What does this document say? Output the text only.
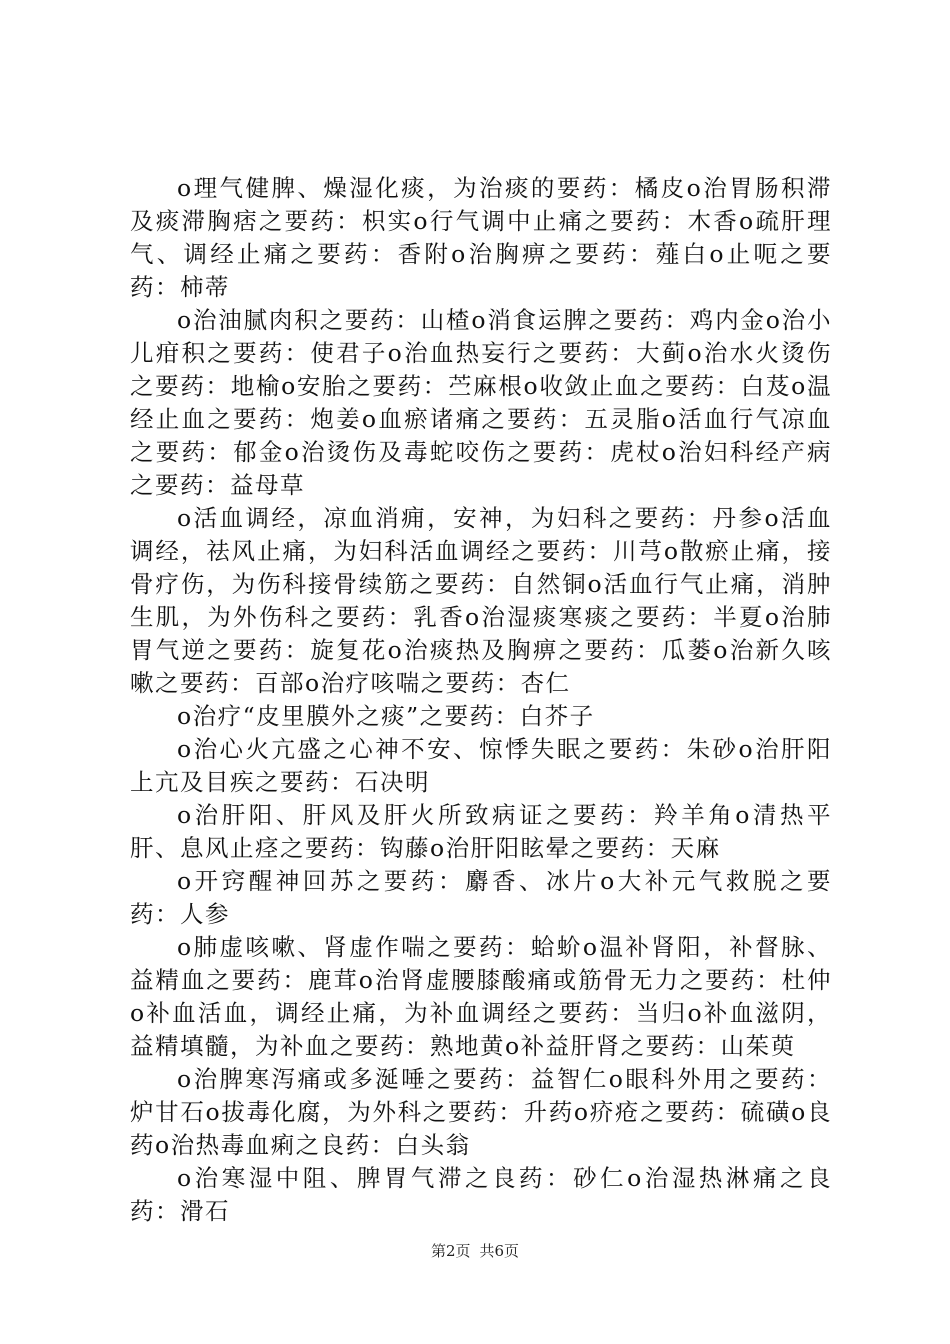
o理气健脾、燥湿化痰，为治痰的要药：橘皮o治胃肠积滞及痰滞胸痞之要药：枳实o行气调中止痛之要药：木香o疏肝理气、调经止痛之要药：香附o治胸痹之要药：薤白o止呃之要药：柿蒂

o治油腻肉积之要药：山楂o消食运脾之要药：鸡内金o治小儿疳积之要药：使君子o治血热妄行之要药：大蓟o治水火烫伤之要药：地榆o安胎之要药：苎麻根o收敛止血之要药：白芨o温经止血之要药：炮姜o血瘀诸痛之要药：五灵脂o活血行气凉血之要药：郁金o治烫伤及毒蛇咬伤之要药：虎杖o治妇科经产病之要药：益母草

o活血调经，凉血消痈，安神，为妇科之要药：丹参o活血调经，祛风止痛，为妇科活血调经之要药：川芎o散瘀止痛，接骨疗伤，为伤科接骨续筋之要药：自然铜o活血行气止痛，消肿生肌，为外伤科之要药：乳香o治湿痰寒痰之要药：半夏o治肺胃气逆之要药：旋复花o治痰热及胸痹之要药：瓜蒌o治新久咳嗽之要药：百部o治疗咳喘之要药：杏仁

o治疗“皮里膜外之痰”之要药：白芥子

o治心火亢盛之心神不安、惊悸失眠之要药：朱砂o治肝阳上亢及目疾之要药：石决明

o治肝阳、肝风及肝火所致病证之要药：羚羊角o清热平肝、息风止痉之要药：钩藤o治肝阳眩晕之要药：天麻

o开窍醒神回苏之要药：麝香、冰片o大补元气救脱之要药：人参

o肺虚咳嗽、肾虚作喘之要药：蛤蚧o温补肾阳，补督脉、益精血之要药：鹿茸o治肾虚腰膝酸痛或筋骨无力之要药：杜仲o补血活血，调经止痛，为补血调经之要药：当归o补血滋阴，益精填髓，为补血之要药：熟地黄o补益肝肾之要药：山茱萸

o治脾寒泻痛或多涎唾之要药：益智仁o眼科外用之要药：炉甘石o拔毒化腐，为外科之要药：升药o疥疮之要药：硫磺o良药o治热毒血痢之良药：白头翁

o治寒湿中阻、脾胃气滞之良药：砂仁o治湿热淋痛之良药：滑石

第2页 共6页
